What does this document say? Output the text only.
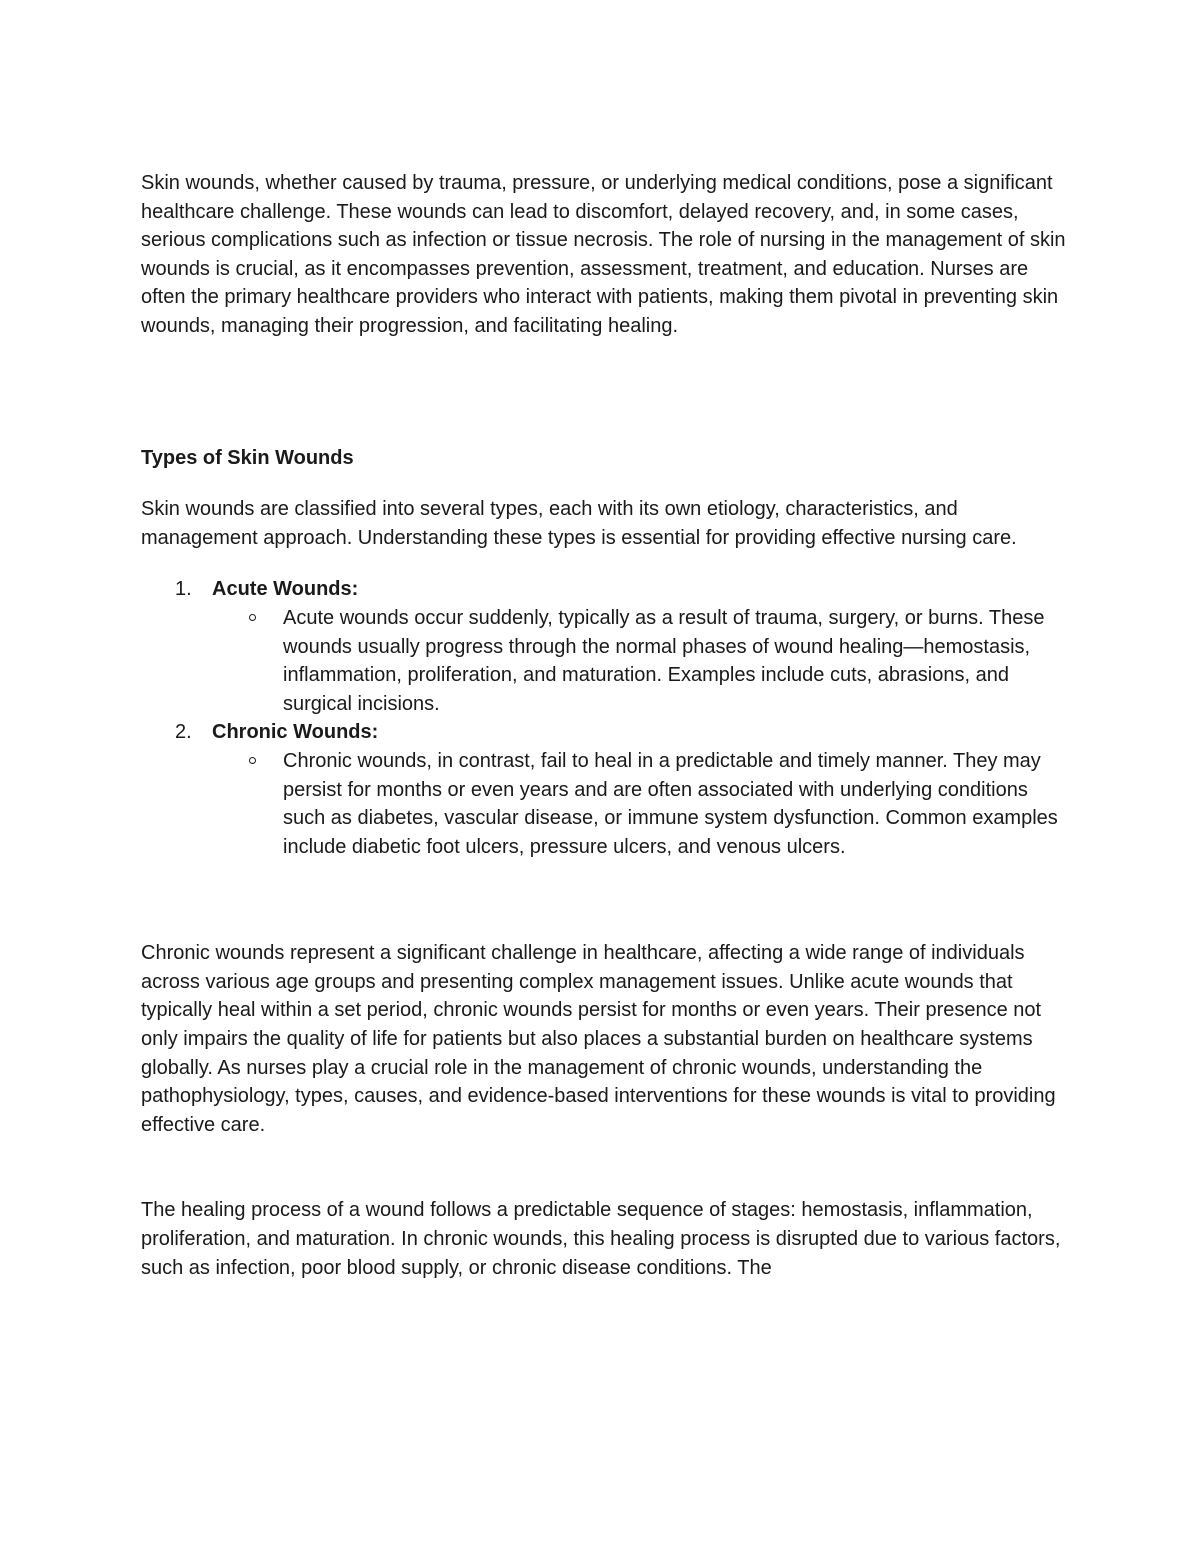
Skin wounds, whether caused by trauma, pressure, or underlying medical conditions, pose a significant healthcare challenge. These wounds can lead to discomfort, delayed recovery, and, in some cases, serious complications such as infection or tissue necrosis. The role of nursing in the management of skin wounds is crucial, as it encompasses prevention, assessment, treatment, and education. Nurses are often the primary healthcare providers who interact with patients, making them pivotal in preventing skin wounds, managing their progression, and facilitating healing.

Types of Skin Wounds

Skin wounds are classified into several types, each with its own etiology, characteristics, and management approach. Understanding these types is essential for providing effective nursing care.

1. Acute Wounds:
Acute wounds occur suddenly, typically as a result of trauma, surgery, or burns. These wounds usually progress through the normal phases of wound healing—hemostasis, inflammation, proliferation, and maturation. Examples include cuts, abrasions, and surgical incisions.
2. Chronic Wounds:
Chronic wounds, in contrast, fail to heal in a predictable and timely manner. They may persist for months or even years and are often associated with underlying conditions such as diabetes, vascular disease, or immune system dysfunction. Common examples include diabetic foot ulcers, pressure ulcers, and venous ulcers.

Chronic wounds represent a significant challenge in healthcare, affecting a wide range of individuals across various age groups and presenting complex management issues. Unlike acute wounds that typically heal within a set period, chronic wounds persist for months or even years. Their presence not only impairs the quality of life for patients but also places a substantial burden on healthcare systems globally. As nurses play a crucial role in the management of chronic wounds, understanding the pathophysiology, types, causes, and evidence-based interventions for these wounds is vital to providing effective care.

The healing process of a wound follows a predictable sequence of stages: hemostasis, inflammation, proliferation, and maturation. In chronic wounds, this healing process is disrupted due to various factors, such as infection, poor blood supply, or chronic disease conditions. The
